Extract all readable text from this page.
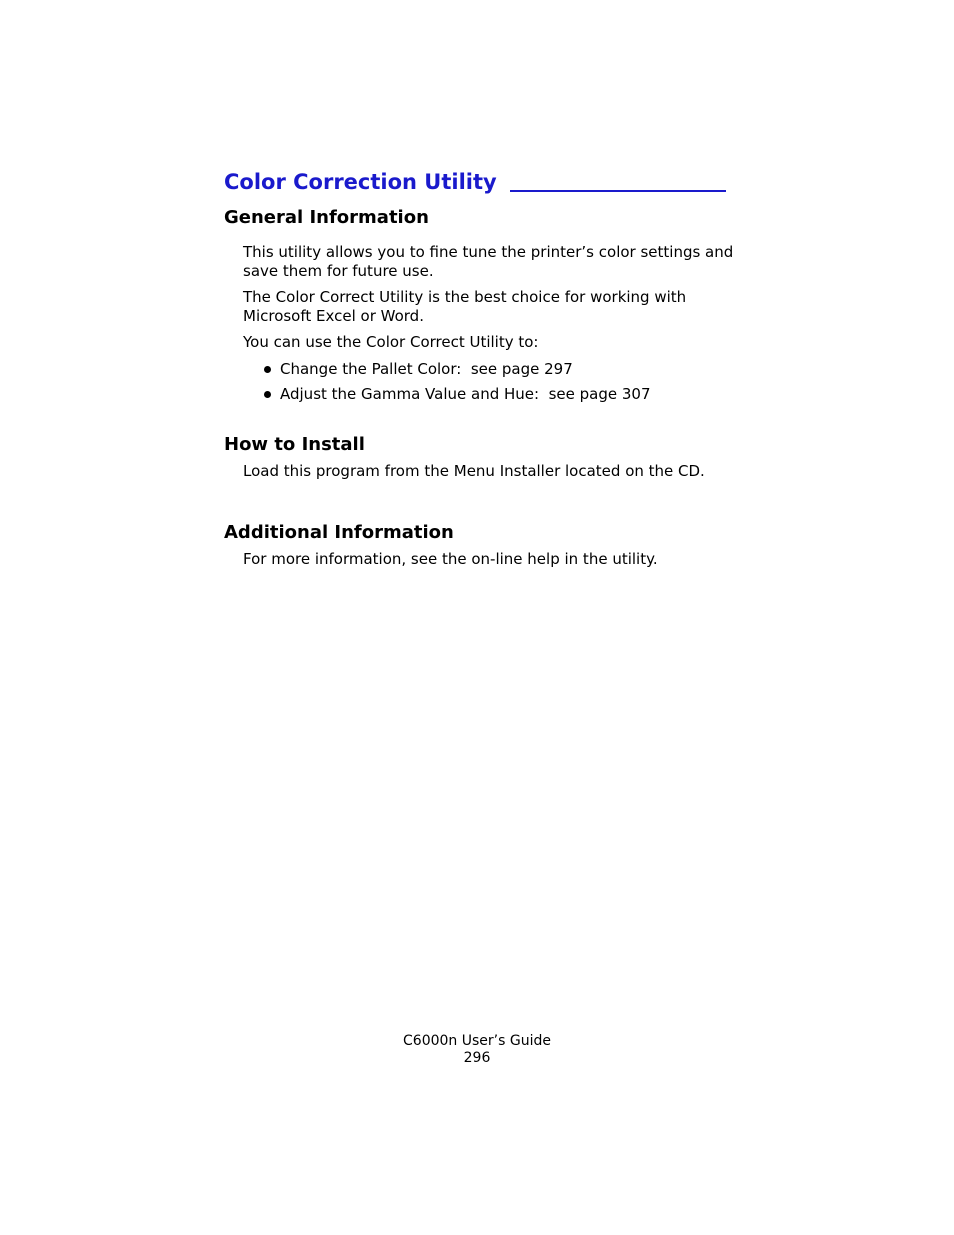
Color Correction Utility
General Information

This utility allows you to fine tune the printer’s color settings and save them for future use.

The Color Correct Utility is the best choice for working with Microsoft Excel or Word.

You can use the Color Correct Utility to:

Change the Pallet Color:  see page 297
Adjust the Gamma Value and Hue:  see page 307
How to Install

Load this program from the Menu Installer located on the CD.

Additional Information

For more information, see the on-line help in the utility.

C6000n User’s Guide
296
